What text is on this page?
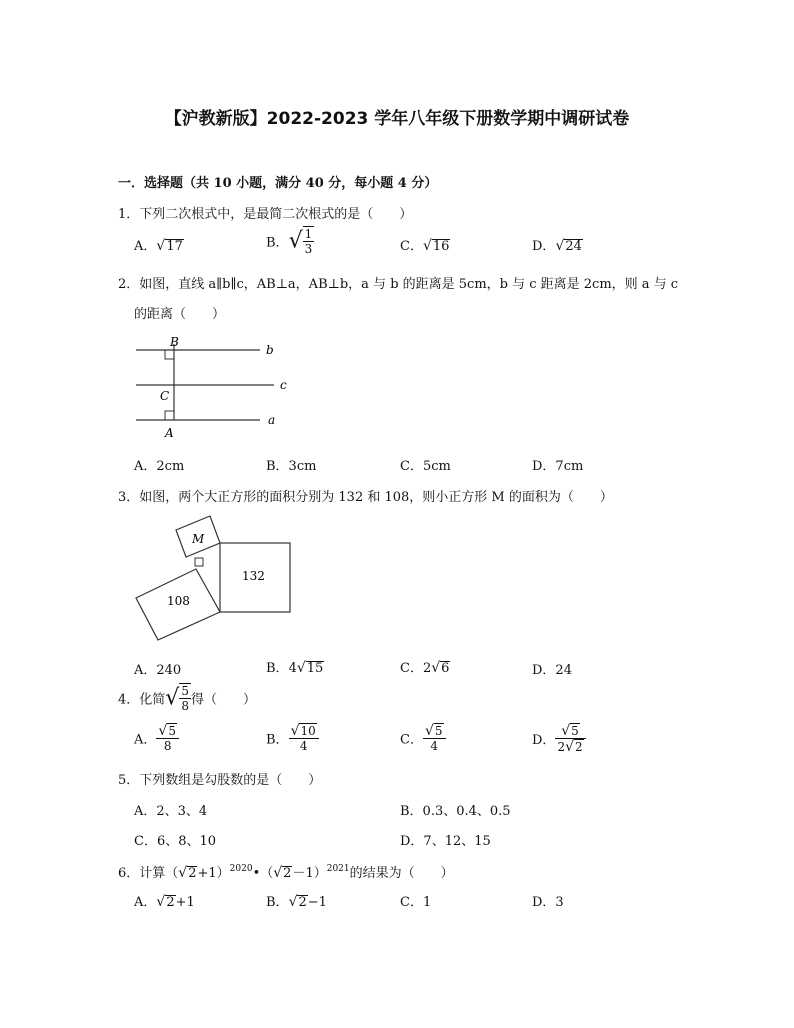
【沪教新版】2022-2023 学年八年级下册数学期中调研试卷
一．选择题（共 10 小题，满分 40 分，每小题 4 分）
1．下列二次根式中，是最简二次根式的是（　　）
A．√17	B．√ $\frac{1}{3}$	C．√16	D．√24
2．如图，直线 a∥b∥c，AB⊥a，AB⊥b，a 与 b 的距离是 5cm，b 与 c 距离是 2cm，则 a 与 c
的距离（　　）
B
C
A
b
c
a
A．2cm	B．3cm	C．5cm	D．7cm
3．如图，两个大正方形的面积分别为 132 和 108，则小正方形 M 的面积为（　　）
M
108
132
A．240	B．4√15	C．2√6	D．24
4．化简√ $\frac{5}{8}$ 得（　　）
A． $\frac{√5}{8}$	B． $\frac{√10}{4}$	C． $\frac{√5}{4}$	D． $\frac{√5}{2√2}$
5．下列数组是勾股数的是（　　）
A．2、3、4	B．0.3、0.4、0.5
C．6、8、10	D．7、12、15
6．计算$(√2+1)^{2020}•(√2-1)^{2021}$的结果为（　　）
A．√2+1	B．√2−1	C．1	D．3
